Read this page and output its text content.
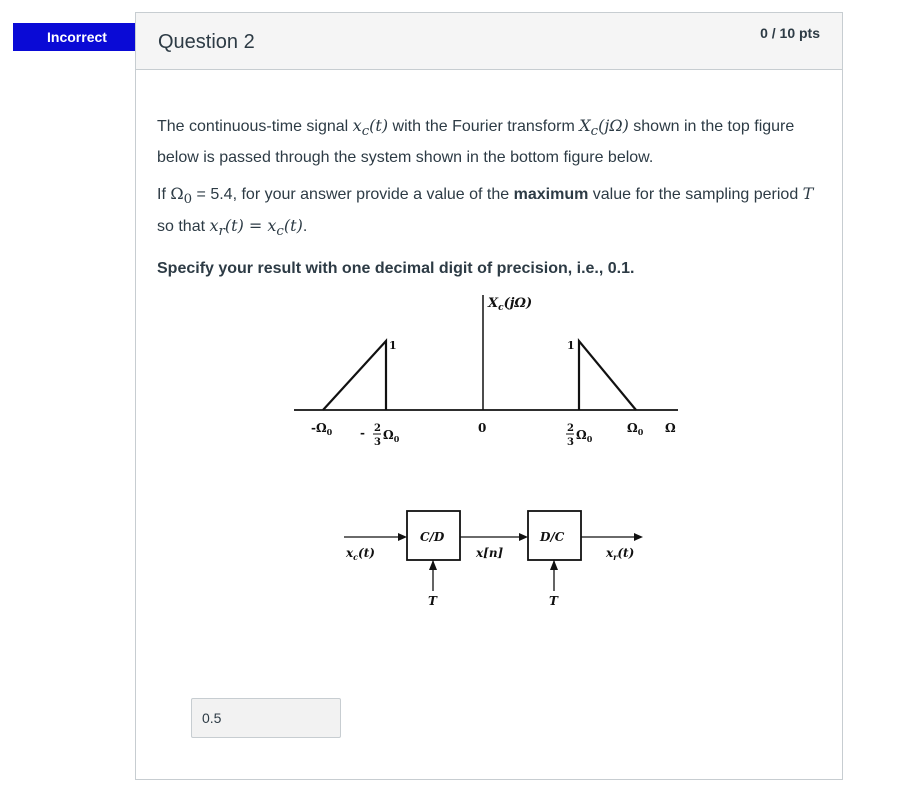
Incorrect	Question 2	0 / 10 pts

The continuous-time signal $x_c(t)$ with the Fourier transform $X_c(j\Omega)$ shown in the top figure below is passed through the system shown in the bottom figure below.

If $\Omega_0 = 5.4$, for your answer provide a value of the maximum value for the sampling period T so that $x_r(t) = x_c(t)$.

Specify your result with one decimal digit of precision, i.e., 0.1.

$X_c(j\Omega)$
1	1
$-\Omega_0 - 2$
3
$\Omega_0$
0	2
3
$\Omega_0$
$\Omega_0$ Ω
C/D	D/C
$x_c(t)$	x[n]	$x_r(t)$
T	T
0.5
